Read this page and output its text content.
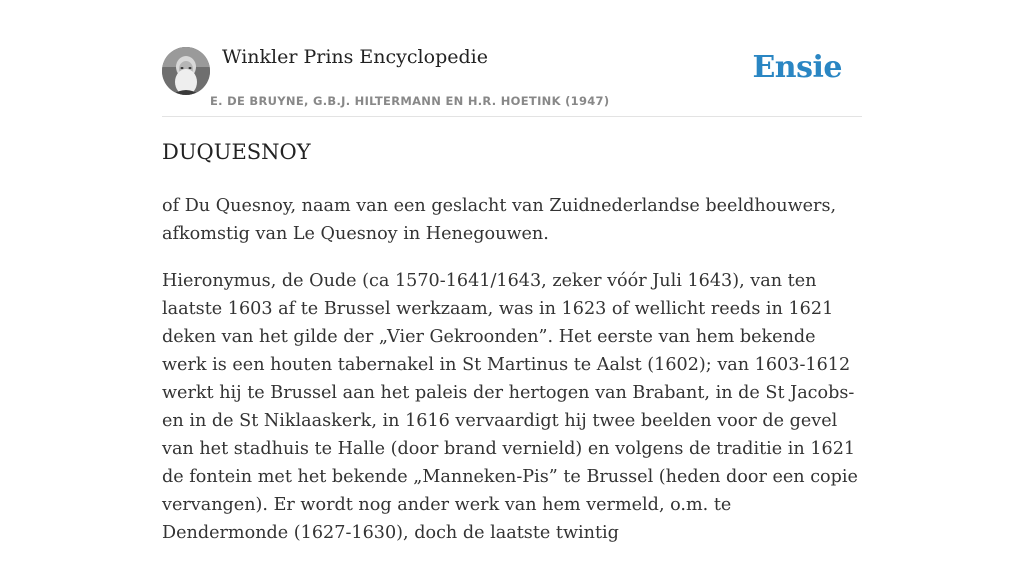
Winkler Prins Encyclopedie
E. DE BRUYNE, G.B.J. HILTERMANN EN H.R. HOETINK (1947)
Ensie
DUQUESNOY

of Du Quesnoy, naam van een geslacht van Zuidnederlandse beeldhouwers, afkomstig van Le Quesnoy in Henegouwen.

Hieronymus, de Oude (ca 1570-1641/1643, zeker vóór Juli 1643), van ten laatste 1603 af te Brussel werkzaam, was in 1623 of wellicht reeds in 1621 deken van het gilde der „Vier Gekroonden”. Het eerste van hem bekende werk is een houten tabernakel in St Martinus te Aalst (1602); van 1603-1612 werkt hij te Brussel aan het paleis der hertogen van Brabant, in de St Jacobs- en in de St Niklaaskerk, in 1616 vervaardigt hij twee beelden voor de gevel van het stadhuis te Halle (door brand vernield) en volgens de traditie in 1621 de fontein met het bekende „Manneken-Pis” te Brussel (heden door een copie vervangen). Er wordt nog ander werk van hem vermeld, o.m. te Dendermonde (1627-1630), doch de laatste twintig
